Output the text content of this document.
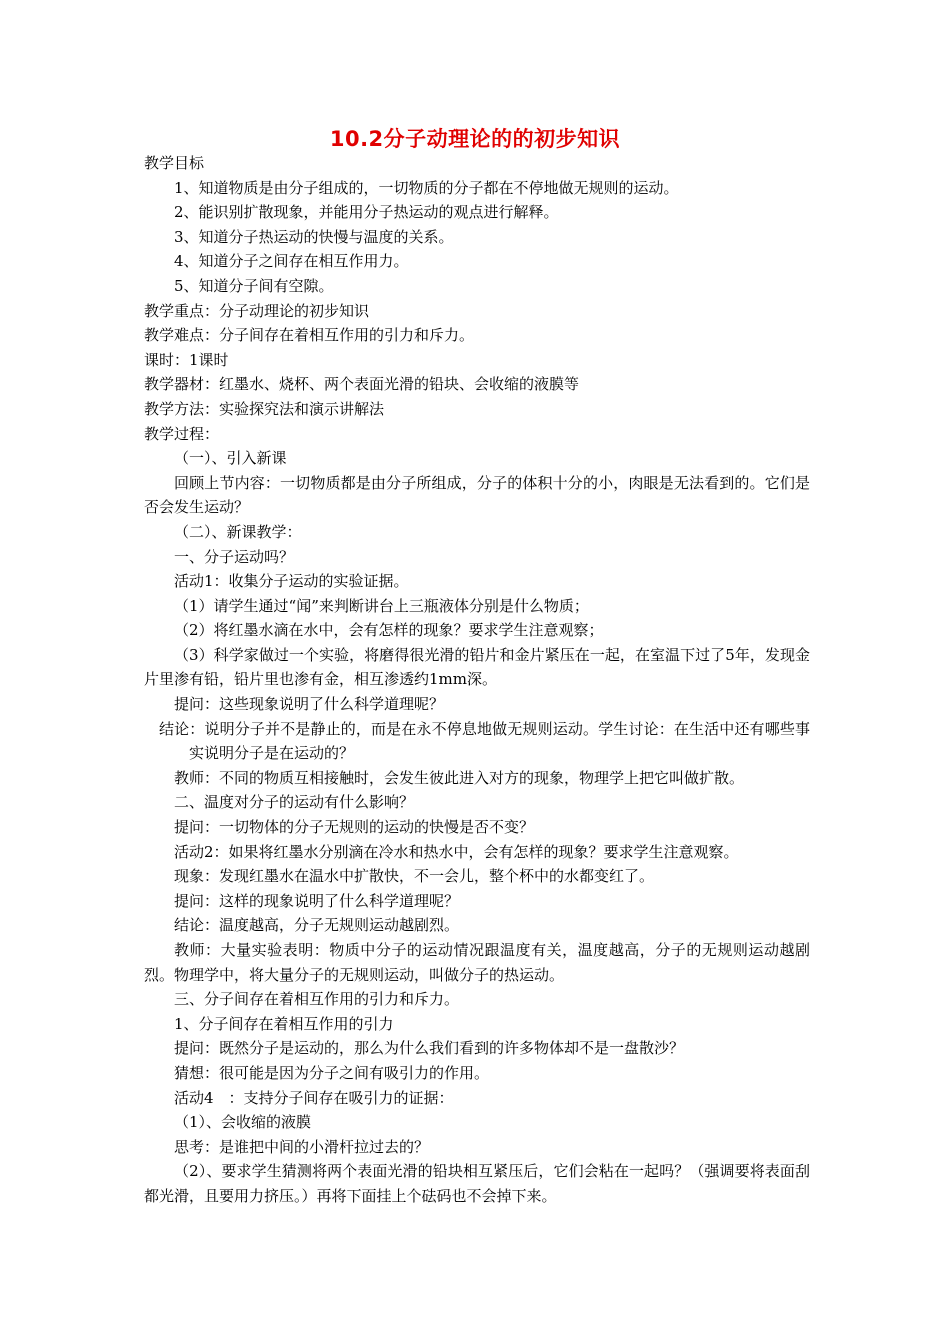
10.2分子动理论的的初步知识

教学目标

1、知道物质是由分子组成的，一切物质的分子都在不停地做无规则的运动。

2、能识别扩散现象，并能用分子热运动的观点进行解释。

3、知道分子热运动的快慢与温度的关系。

4、知道分子之间存在相互作用力。

5、知道分子间有空隙。

教学重点：分子动理论的初步知识

教学难点：分子间存在着相互作用的引力和斥力。

课时：1课时

教学器材：红墨水、烧杯、两个表面光滑的铅块、会收缩的液膜等

教学方法：实验探究法和演示讲解法

教学过程：

（一）、引入新课

回顾上节内容：一切物质都是由分子所组成，分子的体积十分的小，肉眼是无法看到的。它们是否会发生运动？

（二）、新课教学：

一、分子运动吗？

活动1：收集分子运动的实验证据。

（1）请学生通过“闻”来判断讲台上三瓶液体分别是什么物质；

（2）将红墨水滴在水中，会有怎样的现象？要求学生注意观察；

（3）科学家做过一个实验，将磨得很光滑的铅片和金片紧压在一起，在室温下过了5年，发现金片里渗有铅，铅片里也渗有金，相互渗透约1mm深。

提问：这些现象说明了什么科学道理呢？

结论：说明分子并不是静止的，而是在永不停息地做无规则运动。学生讨论：在生活中还有哪些事实说明分子是在运动的？

教师：不同的物质互相接触时，会发生彼此进入对方的现象，物理学上把它叫做扩散。

二、温度对分子的运动有什么影响？

提问：一切物体的分子无规则的运动的快慢是否不变？

活动2：如果将红墨水分别滴在冷水和热水中，会有怎样的现象？要求学生注意观察。

现象：发现红墨水在温水中扩散快，不一会儿，整个杯中的水都变红了。

提问：这样的现象说明了什么科学道理呢？

结论：温度越高，分子无规则运动越剧烈。

教师：大量实验表明：物质中分子的运动情况跟温度有关，温度越高，分子的无规则运动越剧烈。物理学中，将大量分子的无规则运动，叫做分子的热运动。

三、分子间存在着相互作用的引力和斥力。

1、分子间存在着相互作用的引力

提问：既然分子是运动的，那么为什么我们看到的许多物体却不是一盘散沙？

猜想：很可能是因为分子之间有吸引力的作用。

活动4　：支持分子间存在吸引力的证据：

（1）、会收缩的液膜

思考：是谁把中间的小滑杆拉过去的？

（2）、要求学生猜测将两个表面光滑的铅块相互紧压后，它们会粘在一起吗？（强调要将表面刮都光滑，且要用力挤压。）再将下面挂上个砝码也不会掉下来。
